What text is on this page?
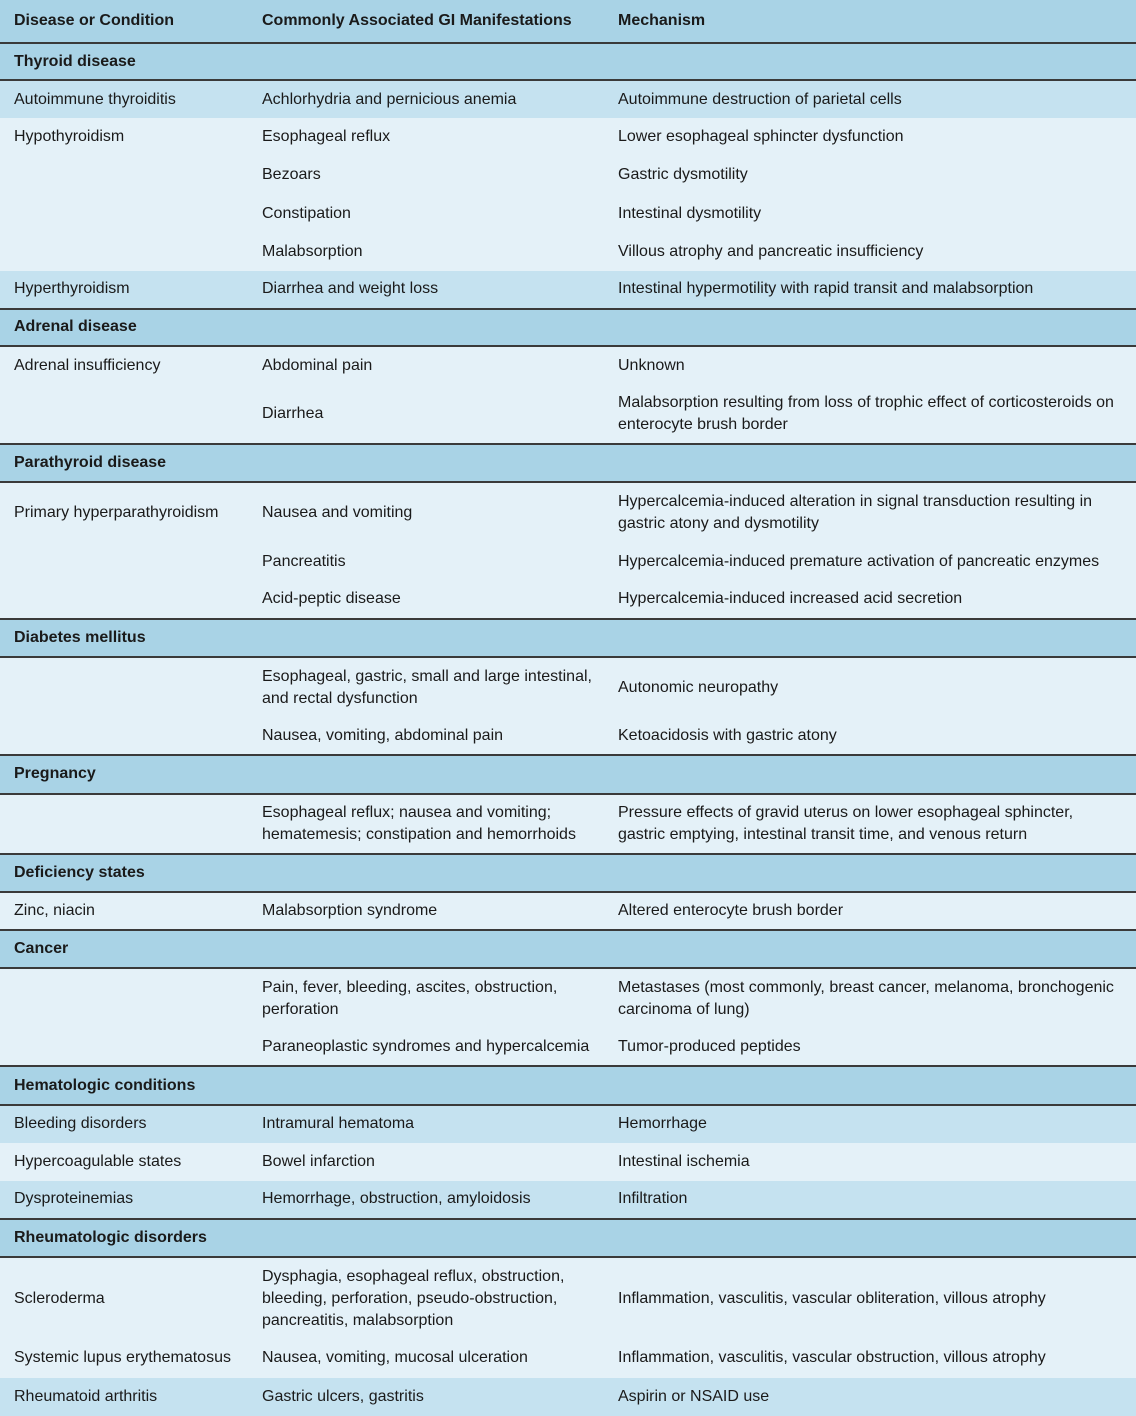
Disease or Condition	Commonly Associated GI Manifestations	Mechanism
Thyroid disease		
Autoimmune thyroiditis	Achlorhydria and pernicious anemia	Autoimmune destruction of parietal cells
Hypothyroidism	Esophageal reflux	Lower esophageal sphincter dysfunction
	Bezoars	Gastric dysmotility
	Constipation	Intestinal dysmotility
	Malabsorption	Villous atrophy and pancreatic insufficiency
Hyperthyroidism	Diarrhea and weight loss	Intestinal hypermotility with rapid transit and malabsorption
Adrenal disease		
Adrenal insufficiency	Abdominal pain	Unknown
	Diarrhea	Malabsorption resulting from loss of trophic effect of corticosteroids on enterocyte brush border
Parathyroid disease		
Primary hyperparathyroidism	Nausea and vomiting	Hypercalcemia-induced alteration in signal transduction resulting in gastric atony and dysmotility
	Pancreatitis	Hypercalcemia-induced premature activation of pancreatic enzymes
	Acid-peptic disease	Hypercalcemia-induced increased acid secretion
Diabetes mellitus		
	Esophageal, gastric, small and large intestinal, and rectal dysfunction	Autonomic neuropathy
	Nausea, vomiting, abdominal pain	Ketoacidosis with gastric atony
Pregnancy		
	Esophageal reflux; nausea and vomiting; hematemesis; constipation and hemorrhoids	Pressure effects of gravid uterus on lower esophageal sphincter, gastric emptying, intestinal transit time, and venous return
Deficiency states		
Zinc, niacin	Malabsorption syndrome	Altered enterocyte brush border
Cancer		
	Pain, fever, bleeding, ascites, obstruction, perforation	Metastases (most commonly, breast cancer, melanoma, bronchogenic carcinoma of lung)
	Paraneoplastic syndromes and hypercalcemia	Tumor-produced peptides
Hematologic conditions		
Bleeding disorders	Intramural hematoma	Hemorrhage
Hypercoagulable states	Bowel infarction	Intestinal ischemia
Dysproteinemias	Hemorrhage, obstruction, amyloidosis	Infiltration
Rheumatologic disorders		
Scleroderma	Dysphagia, esophageal reflux, obstruction, bleeding, perforation, pseudo-obstruction, pancreatitis, malabsorption	Inflammation, vasculitis, vascular obliteration, villous atrophy
Systemic lupus erythematosus	Nausea, vomiting, mucosal ulceration	Inflammation, vasculitis, vascular obstruction, villous atrophy
Rheumatoid arthritis	Gastric ulcers, gastritis	Aspirin or NSAID use
